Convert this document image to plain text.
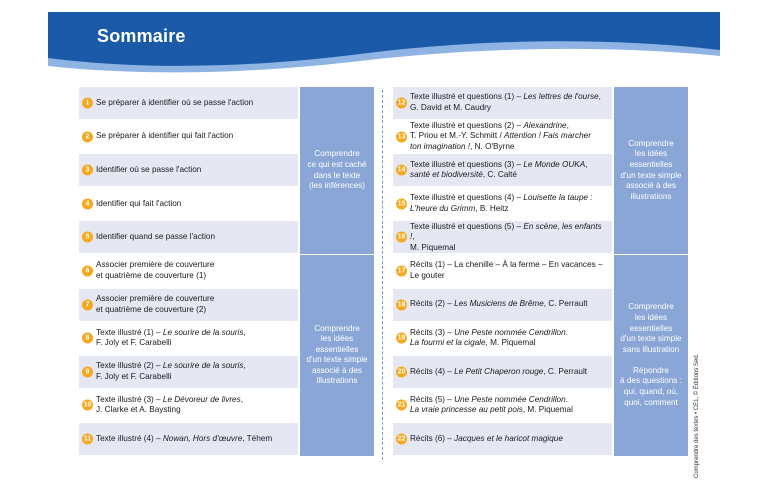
Sommaire
1 Se préparer à identifier où se passe l'action
2 Se préparer à identifier qui fait l'action
3 Identifier où se passe l'action
4 Identifier qui fait l'action
5 Identifier quand se passe l'action
6
Associer première de couverture
et quatrième de couverture (1)
7
Associer première de couverture
et quatrième de couverture (2)
8
Texte illustré (1) – Le sourire de la souris,
F. Joly et F. Carabelli
9
Texte illustré (2) – Le sourire de la souris,
F. Joly et F. Carabelli
10
Texte illustré (3) – Le Dévoreur de livres,
J. Clarke et A. Baysting
11 Texte illustré (4) – Nowan, Hors d'œuvre, Téhem
Comprendre
ce qui est caché
dans le texte
(les inférences)
Comprendre
les idées
essentielles
d'un texte simple
associé à des
illustrations
12
Texte illustré et questions (1) – Les lettres de l'ourse,
G. David et M. Caudry
13
Texte illustré et questions (2) – Alexandrine,
T. Priou et M.-Y. Schmitt / Attention ! Fais marcher
ton imagination !, N. O'Byrne
14
Texte illustré et questions (3) – Le Monde OUKA,
santé et biodiversité, C. Calté
15
Texte illustré et questions (4) – Louisette la taupe :
L'heure du Grimm, B. Heitz
16
Texte illustré et questions (5) – En scène, les enfants !,
M. Piquemal
17
Récits (1) – La chenille – À la ferme – En vacances –
Le gouter
18 Récits (2) – Les Musiciens de Brême, C. Perrault
19
Récits (3) – Une Peste nommée Cendrillon.
La fourmi et la cigale, M. Piquemal
20 Récits (4) – Le Petit Chaperon rouge, C. Perrault
21
Récits (5) – Une Peste nommée Cendrillon.
La vraie princesse au petit pois, M. Piquemal
22 Récits (6) – Jacques et le haricot magique
Comprendre
les idées
essentielles
d'un texte simple
associé à des
illustrations
Comprendre
les idées
essentielles
d'un texte simple
sans illustration

Répondre
à des questions :
qui, quand, où,
quoi, comment	Comprendre des textes • CE1, © Éditions Sed.
